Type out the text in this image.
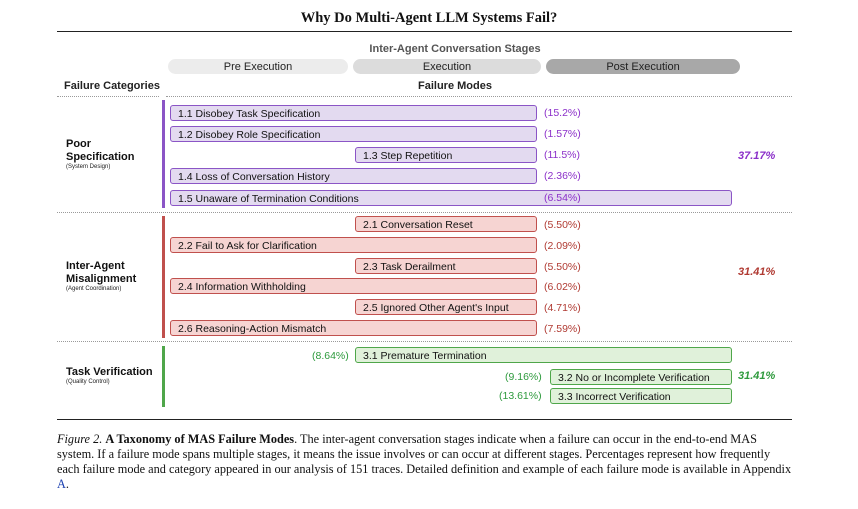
Why Do Multi-Agent LLM Systems Fail?
Inter-Agent Conversation Stages
Pre Execution	Execution	Post Execution
Failure Categories	Failure Modes
Poor
Specification
(System Design)
1.1 Disobey Task Specification	(15.2%)
1.2 Disobey Role Specification	(1.57%)
1.3 Step Repetition	(11.5%)
1.4 Loss of Conversation History	(2.36%)
1.5 Unaware of Termination Conditions	(6.54%)
37.17%
Inter-Agent
Misalignment
(Agent Coordination)
2.1 Conversation Reset	(5.50%)
2.2 Fail to Ask for Clarification	(2.09%)
2.3 Task Derailment	(5.50%)
2.4 Information Withholding	(6.02%)
2.5 Ignored Other Agent's Input	(4.71%)
2.6 Reasoning-Action Mismatch	(7.59%)
31.41%
Task Verification
(Quality Control)
(8.64%)	3.1 Premature Termination
(9.16%)	3.2 No or Incomplete Verification
(13.61%)	3.3 Incorrect Verification
31.41%
Figure 2. A Taxonomy of MAS Failure Modes. The inter-agent conversation stages indicate when a failure can occur in the end-to-end MAS system. If a failure mode spans multiple stages, it means the issue involves or can occur at different stages. Percentages represent how frequently each failure mode and category appeared in our analysis of 151 traces. Detailed definition and example of each failure mode is available in Appendix A.
